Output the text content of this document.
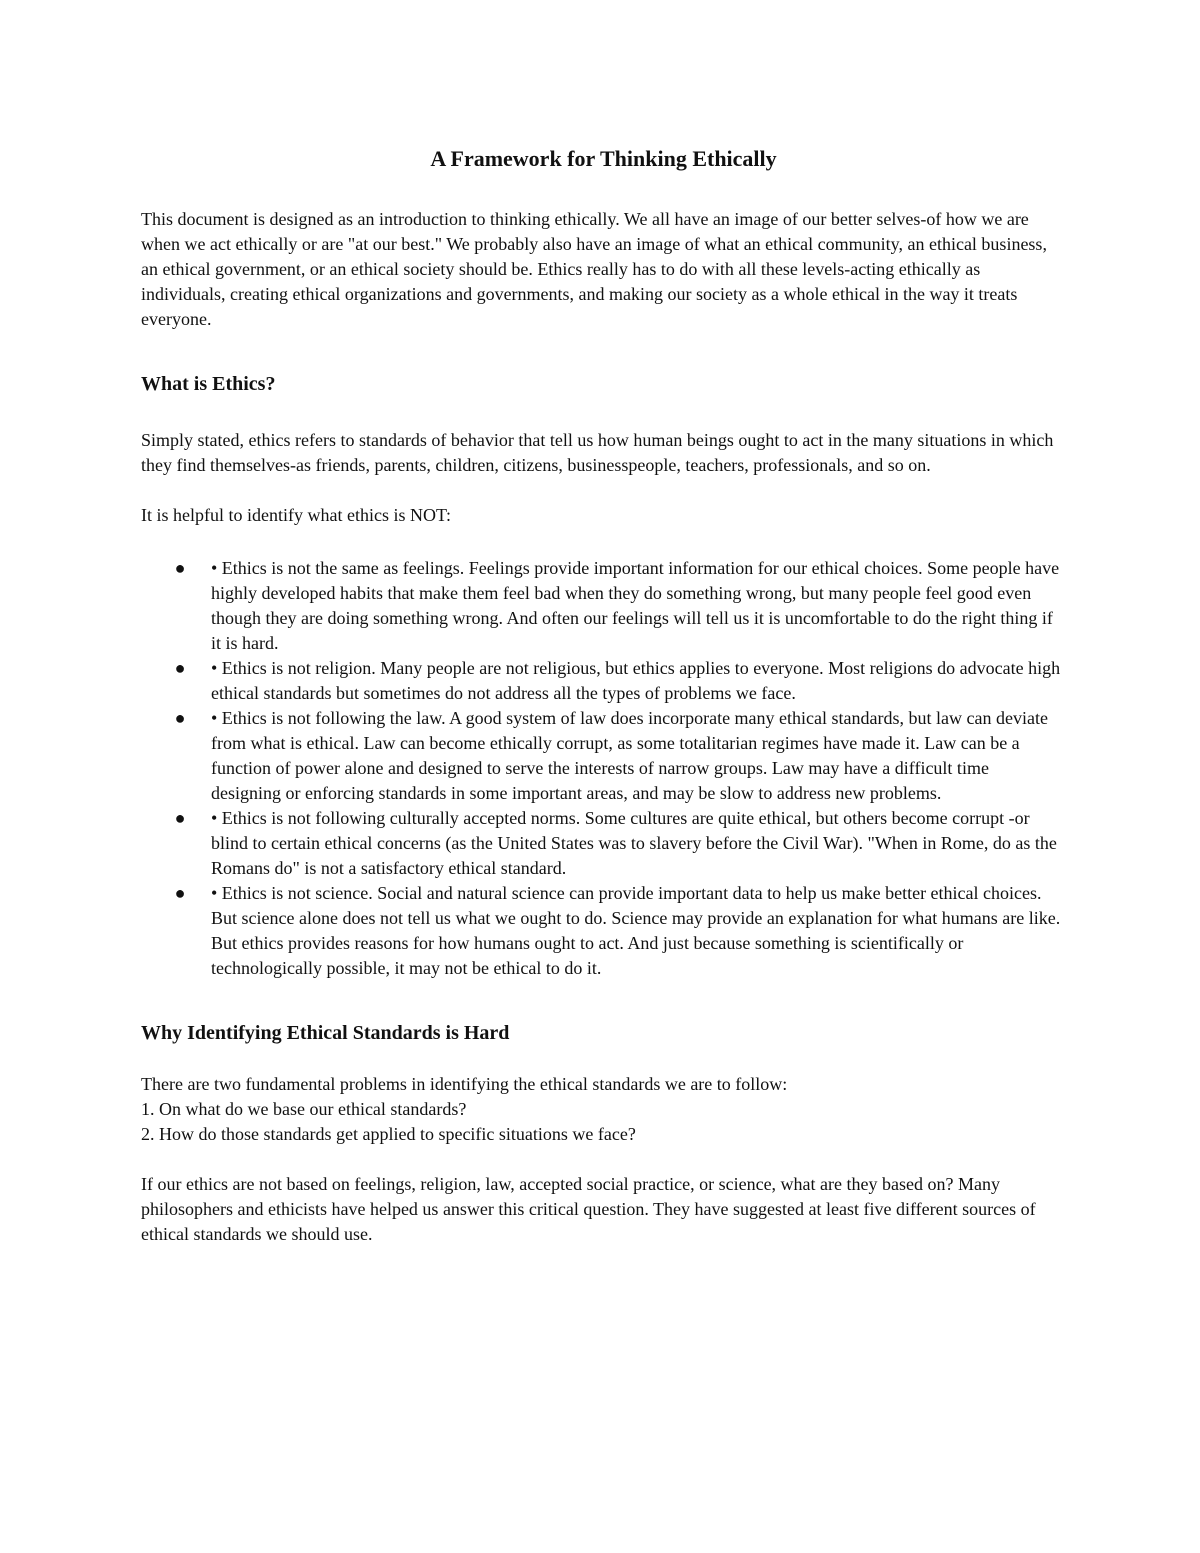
A Framework for Thinking Ethically

This document is designed as an introduction to thinking ethically. We all have an image of our better selves-of how we are when we act ethically or are "at our best." We probably also have an image of what an ethical community, an ethical business, an ethical government, or an ethical society should be. Ethics really has to do with all these levels-acting ethically as individuals, creating ethical organizations and governments, and making our society as a whole ethical in the way it treats everyone.

What is Ethics?

Simply stated, ethics refers to standards of behavior that tell us how human beings ought to act in the many situations in which they find themselves-as friends, parents, children, citizens, businesspeople, teachers, professionals, and so on.

It is helpful to identify what ethics is NOT:

● • Ethics is not the same as feelings. Feelings provide important information for our ethical choices. Some people have highly developed habits that make them feel bad when they do something wrong, but many people feel good even though they are doing something wrong. And often our feelings will tell us it is uncomfortable to do the right thing if it is hard.
● • Ethics is not religion. Many people are not religious, but ethics applies to everyone. Most religions do advocate high ethical standards but sometimes do not address all the types of problems we face.
● • Ethics is not following the law. A good system of law does incorporate many ethical standards, but law can deviate from what is ethical. Law can become ethically corrupt, as some totalitarian regimes have made it. Law can be a function of power alone and designed to serve the interests of narrow groups. Law may have a difficult time designing or enforcing standards in some important areas, and may be slow to address new problems.
● • Ethics is not following culturally accepted norms. Some cultures are quite ethical, but others become corrupt -or blind to certain ethical concerns (as the United States was to slavery before the Civil War). "When in Rome, do as the Romans do" is not a satisfactory ethical standard.
● • Ethics is not science. Social and natural science can provide important data to help us make better ethical choices. But science alone does not tell us what we ought to do. Science may provide an explanation for what humans are like. But ethics provides reasons for how humans ought to act. And just because something is scientifically or technologically possible, it may not be ethical to do it.
Why Identifying Ethical Standards is Hard
There are two fundamental problems in identifying the ethical standards we are to follow:
1. On what do we base our ethical standards?
2. How do those standards get applied to specific situations we face?

If our ethics are not based on feelings, religion, law, accepted social practice, or science, what are they based on? Many philosophers and ethicists have helped us answer this critical question. They have suggested at least five different sources of ethical standards we should use.
